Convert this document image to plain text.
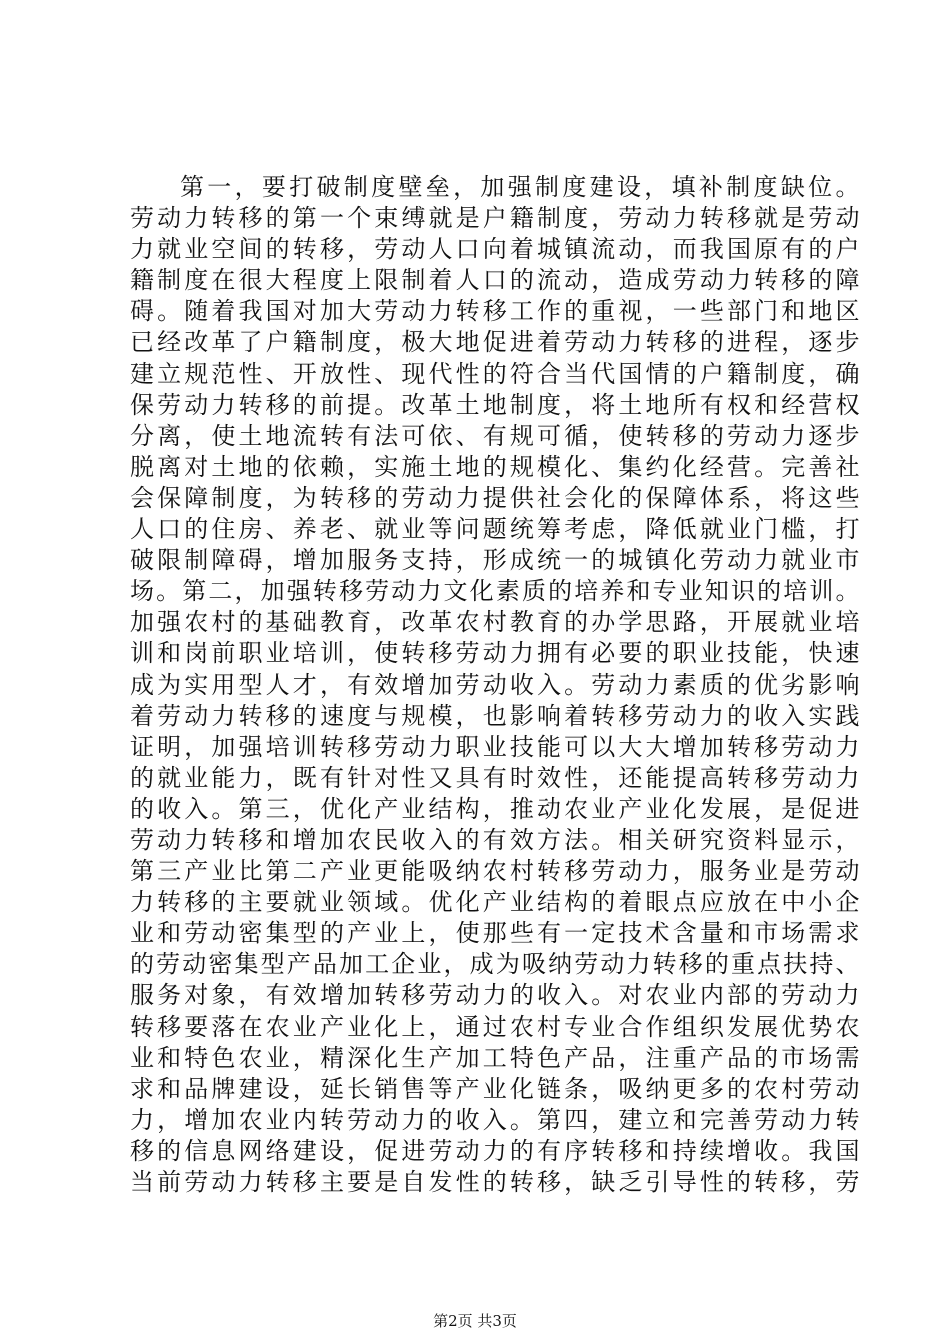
第一，要打破制度壁垒，加强制度建设，填补制度缺位。
劳动力转移的第一个束缚就是户籍制度，劳动力转移就是劳动
力就业空间的转移，劳动人口向着城镇流动，而我国原有的户
籍制度在很大程度上限制着人口的流动，造成劳动力转移的障
碍。随着我国对加大劳动力转移工作的重视，一些部门和地区
已经改革了户籍制度，极大地促进着劳动力转移的进程，逐步
建立规范性、开放性、现代性的符合当代国情的户籍制度，确
保劳动力转移的前提。改革土地制度，将土地所有权和经营权
分离，使土地流转有法可依、有规可循，使转移的劳动力逐步
脱离对土地的依赖，实施土地的规模化、集约化经营。完善社
会保障制度，为转移的劳动力提供社会化的保障体系，将这些
人口的住房、养老、就业等问题统筹考虑，降低就业门槛，打
破限制障碍，增加服务支持，形成统一的城镇化劳动力就业市
场。第二，加强转移劳动力文化素质的培养和专业知识的培训。
加强农村的基础教育，改革农村教育的办学思路，开展就业培
训和岗前职业培训，使转移劳动力拥有必要的职业技能，快速
成为实用型人才，有效增加劳动收入。劳动力素质的优劣影响
着劳动力转移的速度与规模，也影响着转移劳动力的收入实践
证明，加强培训转移劳动力职业技能可以大大增加转移劳动力
的就业能力，既有针对性又具有时效性，还能提高转移劳动力
的收入。第三，优化产业结构，推动农业产业化发展，是促进
劳动力转移和增加农民收入的有效方法。相关研究资料显示，
第三产业比第二产业更能吸纳农村转移劳动力，服务业是劳动
力转移的主要就业领域。优化产业结构的着眼点应放在中小企
业和劳动密集型的产业上，使那些有一定技术含量和市场需求
的劳动密集型产品加工企业，成为吸纳劳动力转移的重点扶持、
服务对象，有效增加转移劳动力的收入。对农业内部的劳动力
转移要落在农业产业化上，通过农村专业合作组织发展优势农
业和特色农业，精深化生产加工特色产品，注重产品的市场需
求和品牌建设，延长销售等产业化链条，吸纳更多的农村劳动
力，增加农业内转劳动力的收入。第四，建立和完善劳动力转
移的信息网络建设，促进劳动力的有序转移和持续增收。我国
当前劳动力转移主要是自发性的转移，缺乏引导性的转移，劳
第2页 共3页
